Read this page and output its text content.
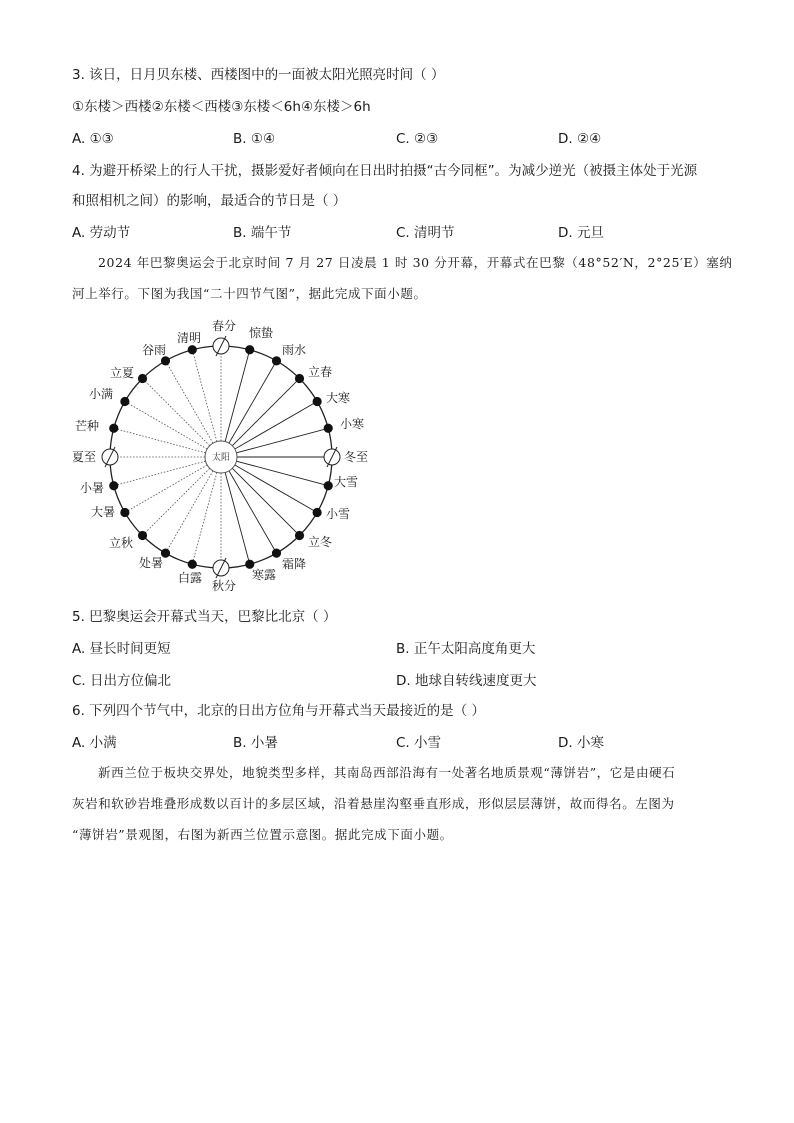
3. 该日，日月贝东楼、西楼图中的一面被太阳光照亮时间（ ）
①东楼＞西楼②东楼＜西楼③东楼＜6h④东楼＞6h
A. ①③	B. ①④	C. ②③	D. ②④
4. 为避开桥梁上的行人干扰，摄影爱好者倾向在日出时拍摄“古今同框”。为减少逆光（被摄主体处于光源
和照相机之间）的影响，最适合的节日是（ ）
A. 劳动节	B. 端午节	C. 清明节	D. 元旦
2024 年巴黎奥运会于北京时间 7 月 27 日凌晨 1 时 30 分开幕，开幕式在巴黎（48°52′N，2°25′E）塞纳
河上举行。下图为我国“二十四节气图”，据此完成下面小题。
太阳
春分 惊蛰
雨水
立春
大寒
小寒
冬至
大雪
小雪
立冬
霜降
寒露
秋分
白露
处暑
立秋
大暑
小暑
夏至
芒种
小满
立夏
谷雨
清明
5. 巴黎奥运会开幕式当天，巴黎比北京（ ）
A. 昼长时间更短	B. 正午太阳高度角更大
C. 日出方位偏北	D. 地球自转线速度更大
6. 下列四个节气中，北京的日出方位角与开幕式当天最接近的是（ ）
A. 小满	B. 小暑	C. 小雪	D. 小寒
新西兰位于板块交界处，地貌类型多样，其南岛西部沿海有一处著名地质景观“薄饼岩”，它是由硬石
灰岩和软砂岩堆叠形成数以百计的多层区域，沿着悬崖沟壑垂直形成，形似层层薄饼，故而得名。左图为
“薄饼岩”景观图，右图为新西兰位置示意图。据此完成下面小题。
